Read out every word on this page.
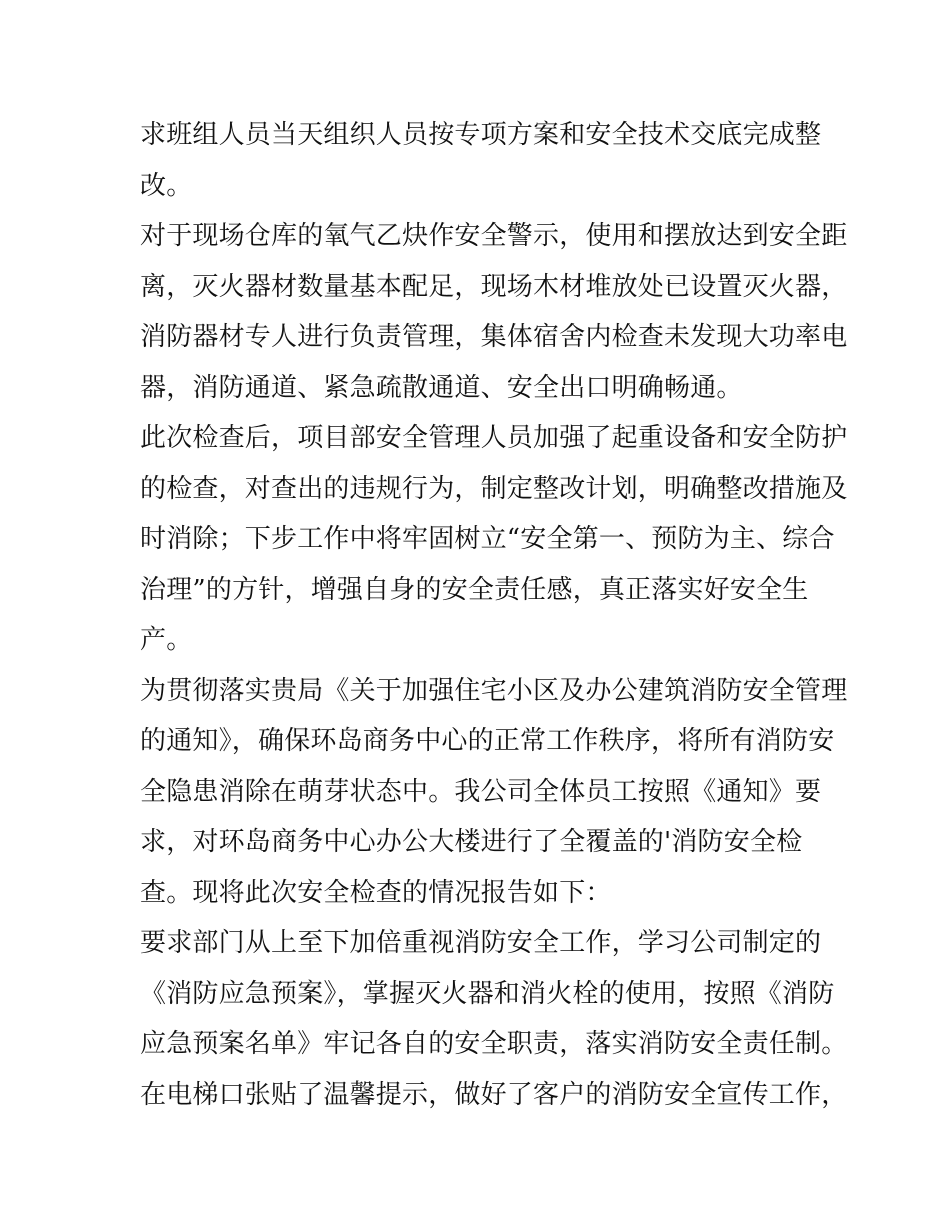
求班组人员当天组织人员按专项方案和安全技术交底完成整
改。
对于现场仓库的氧气乙炔作安全警示，使用和摆放达到安全距
离，灭火器材数量基本配足，现场木材堆放处已设置灭火器，
消防器材专人进行负责管理，集体宿舍内检查未发现大功率电
器，消防通道、紧急疏散通道、安全出口明确畅通。
此次检查后，项目部安全管理人员加强了起重设备和安全防护
的检查，对查出的违规行为，制定整改计划，明确整改措施及
时消除；下步工作中将牢固树立“安全第一、预防为主、综合
治理”的方针，增强自身的安全责任感，真正落实好安全生
产。
为贯彻落实贵局《关于加强住宅小区及办公建筑消防安全管理
的通知》，确保环岛商务中心的正常工作秩序，将所有消防安
全隐患消除在萌芽状态中。我公司全体员工按照《通知》要
求，对环岛商务中心办公大楼进行了全覆盖的'消防安全检
查。现将此次安全检查的情况报告如下：
要求部门从上至下加倍重视消防安全工作，学习公司制定的
《消防应急预案》，掌握灭火器和消火栓的使用，按照《消防
应急预案名单》牢记各自的安全职责，落实消防安全责任制。
在电梯口张贴了温馨提示，做好了客户的消防安全宣传工作，
